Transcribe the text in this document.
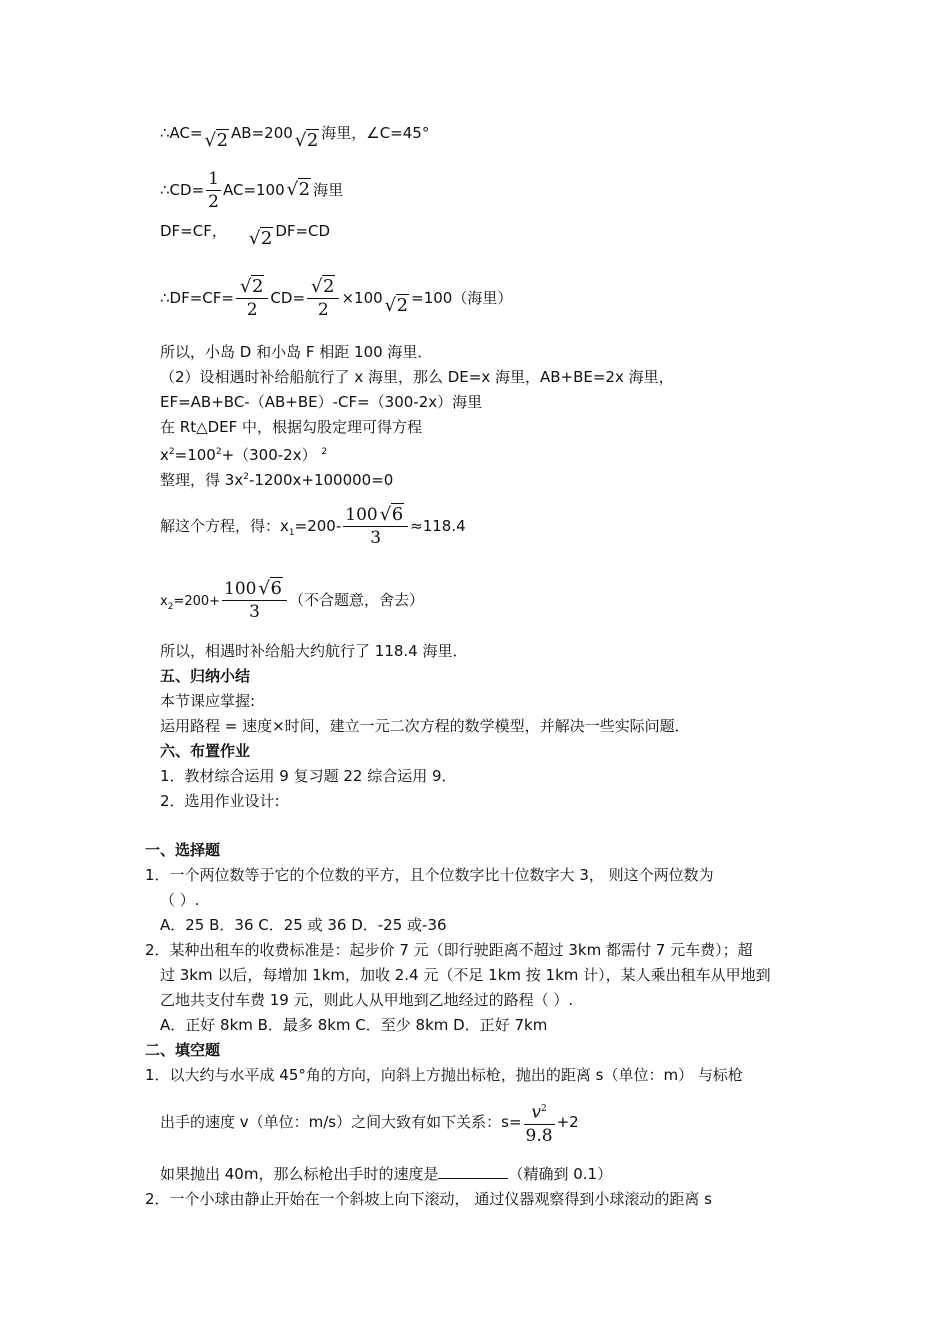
∴AC=√ 2 AB=200√ 2 海里，∠C=45°
∴CD= $\frac{1}{2} AC=100√$ 2 海里
DF=CF，√ 2 DF=CD
∴DF=CF=
√ $\frac{2}{2} CD=$
√ $\frac{2}{2} \times 100√$ 2 =100（海里）
所以，小岛 D 和小岛 F 相距 100 海里．
（2）设相遇时补给船航行了 x 海里，那么 DE=x 海里，AB+BE=2x 海里，
EF=AB+BC-（AB+BE）-CF=（300-2x）海里
在 Rt△DEF 中，根据勾股定理可得方程
$x^2=100^2+(300-2x)$ $^2$
整理，得 $3x^2-1200x+100000=0$
解这个方程，得：$x_1=200- \frac{100√ 6}{3} \approx 118.4$
$x_2=200+ \frac{100√ 6}{3}$ （不合题意，舍去）
所以，相遇时补给船大约航行了 118.4 海里．
五、归纳小结
本节课应掌握:
运用路程 = 速度×时间，建立一元二次方程的数学模型，并解决一些实际问题．
六、布置作业
1．教材综合运用 9 复习题 22 综合运用 9．
2．选用作业设计:
一、选择题
1．一个两位数等于它的个位数的平方，且个位数字比十位数字大 3， 则这个两位数为
（ ）.
A．25 B．36 C．25 或 36 D．-25 或-36
2．某种出租车的收费标准是：起步价 7 元（即行驶距离不超过 3km 都需付 7 元车费）；超
过 3km 以后，每增加 1km，加收 2.4 元（不足 1km 按 1km 计），某人乘出租车从甲地到
乙地共支付车费 19 元，则此人从甲地到乙地经过的路程（ ）.
A．正好 8km B．最多 8km C．至少 8km D．正好 7km
二、填空题
1．以大约与水平成 45°角的方向，向斜上方抛出标枪，抛出的距离 s（单位：m） 与标枪
出手的速度 v（单位：m/s）之间大致有如下关系：$s= \frac{v^2}{9.8} +2$
如果抛出 40m，那么标枪出手时的速度是	（精确到 0.1）
2．一个小球由静止开始在一个斜坡上向下滚动， 通过仪器观察得到小球滚动的距离 s
